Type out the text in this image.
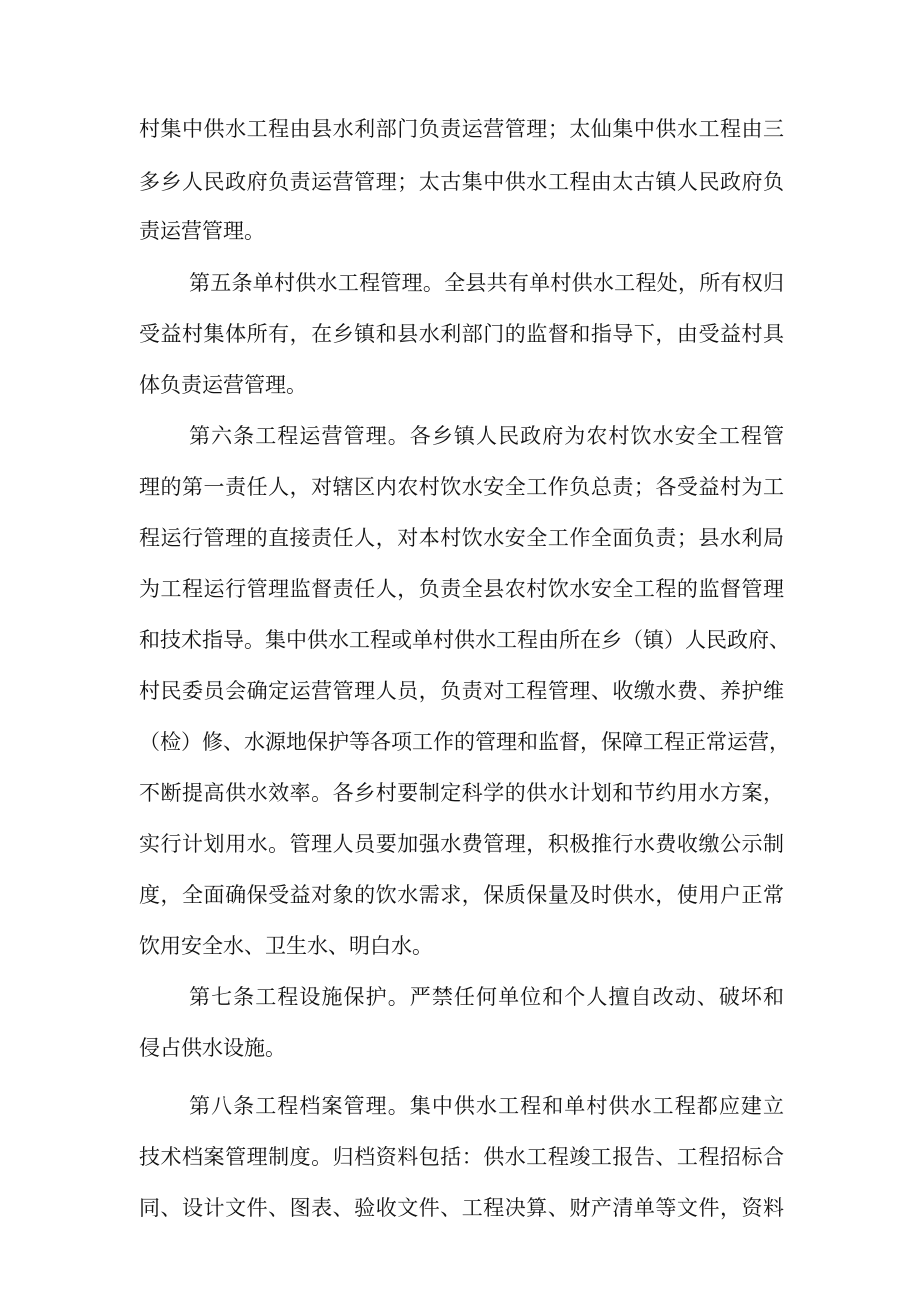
村集中供水工程由县水利部门负责运营管理；太仙集中供水工程由三
多乡人民政府负责运营管理；太古集中供水工程由太古镇人民政府负
责运营管理。
第五条单村供水工程管理。全县共有单村供水工程处，所有权归
受益村集体所有，在乡镇和县水利部门的监督和指导下，由受益村具
体负责运营管理。
第六条工程运营管理。各乡镇人民政府为农村饮水安全工程管
理的第一责任人，对辖区内农村饮水安全工作负总责；各受益村为工
程运行管理的直接责任人，对本村饮水安全工作全面负责；县水利局
为工程运行管理监督责任人，负责全县农村饮水安全工程的监督管理
和技术指导。集中供水工程或单村供水工程由所在乡（镇）人民政府、
村民委员会确定运营管理人员，负责对工程管理、收缴水费、养护维
（检）修、水源地保护等各项工作的管理和监督，保障工程正常运营，
不断提高供水效率。各乡村要制定科学的供水计划和节约用水方案，
实行计划用水。管理人员要加强水费管理，积极推行水费收缴公示制
度，全面确保受益对象的饮水需求，保质保量及时供水，使用户正常
饮用安全水、卫生水、明白水。
第七条工程设施保护。严禁任何单位和个人擅自改动、破坏和
侵占供水设施。
第八条工程档案管理。集中供水工程和单村供水工程都应建立
技术档案管理制度。归档资料包括：供水工程竣工报告、工程招标合
同、设计文件、图表、验收文件、工程决算、财产清单等文件，资料
